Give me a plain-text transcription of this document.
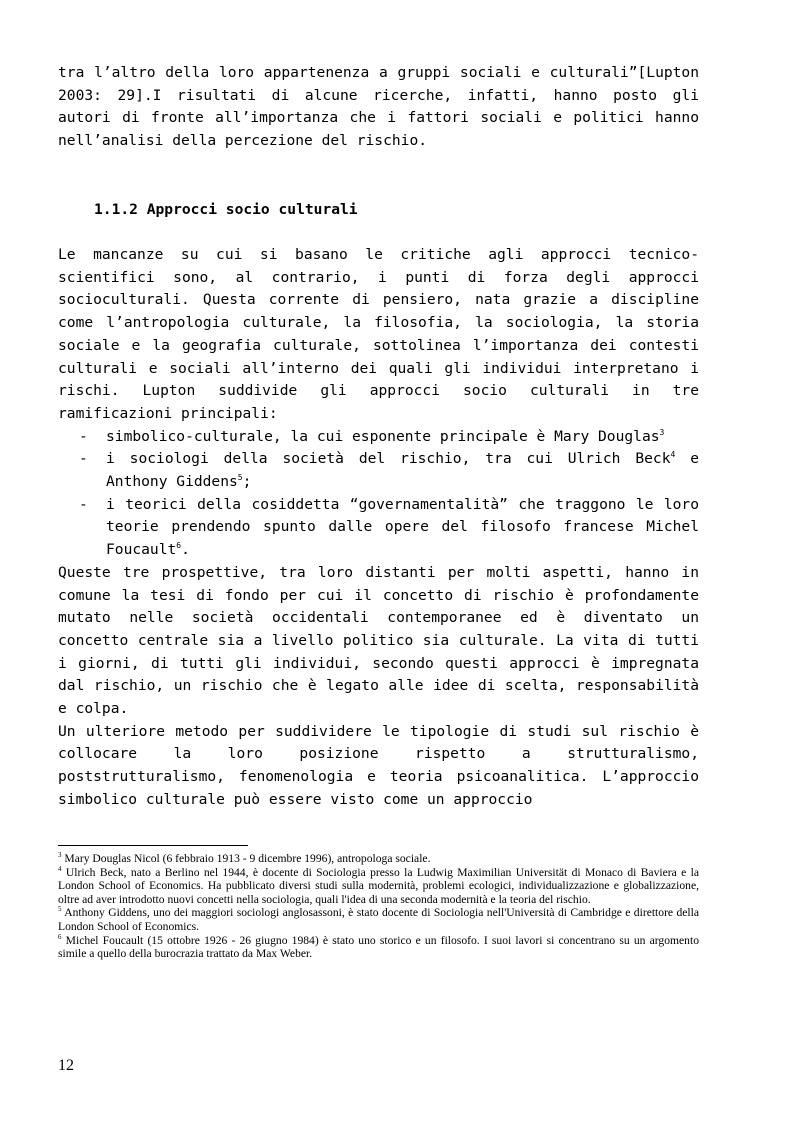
tra l’altro della loro appartenenza a gruppi sociali e culturali”[Lupton 2003: 29].I risultati di alcune ricerche, infatti, hanno posto gli autori di fronte all’importanza che i fattori sociali e politici hanno nell’analisi della percezione del rischio.

1.1.2 Approcci socio culturali

Le mancanze su cui si basano le critiche agli approcci tecnico-scientifici sono, al contrario, i punti di forza degli approcci socioculturali. Questa corrente di pensiero, nata grazie a discipline come l’antropologia culturale, la filosofia, la sociologia, la storia sociale e la geografia culturale, sottolinea l’importanza dei contesti culturali e sociali all’interno dei quali gli individui interpretano i rischi. Lupton suddivide gli approcci socio culturali in tre ramificazioni principali:

- simbolico-culturale, la cui esponente principale è Mary Douglas$^3$
- i sociologi della società del rischio, tra cui Ulrich Beck$^4$ e Anthony Giddens$^5$;
- i teorici della cosiddetta “governamentalità” che traggono le loro teorie prendendo spunto dalle opere del filosofo francese Michel Foucault$^6$.

Queste tre prospettive, tra loro distanti per molti aspetti, hanno in comune la tesi di fondo per cui il concetto di rischio è profondamente mutato nelle società occidentali contemporanee ed è diventato un concetto centrale sia a livello politico sia culturale. La vita di tutti i giorni, di tutti gli individui, secondo questi approcci è impregnata dal rischio, un rischio che è legato alle idee di scelta, responsabilità e colpa.

Un ulteriore metodo per suddividere le tipologie di studi sul rischio è collocare la loro posizione rispetto a strutturalismo, poststrutturalismo, fenomenologia e teoria psicoanalitica. L’approccio simbolico culturale può essere visto come un approccio

$^3$ Mary Douglas Nicol (6 febbraio 1913 - 9 dicembre 1996), antropologa sociale.

$^4$ Ulrich Beck, nato a Berlino nel 1944, è docente di Sociologia presso la Ludwig Maximilian Universität di Monaco di Baviera e la London School of Economics. Ha pubblicato diversi studi sulla modernità, problemi ecologici, individualizzazione e globalizzazione, oltre ad aver introdotto nuovi concetti nella sociologia, quali l'idea di una seconda modernità e la teoria del rischio.

$^5$ Anthony Giddens, uno dei maggiori sociologi anglosassoni, è stato docente di Sociologia nell'Università di Cambridge e direttore della London School of Economics.

$^6$ Michel Foucault (15 ottobre 1926 - 26 giugno 1984) è stato uno storico e un filosofo. I suoi lavori si concentrano su un argomento simile a quello della burocrazia trattato da Max Weber.

12
